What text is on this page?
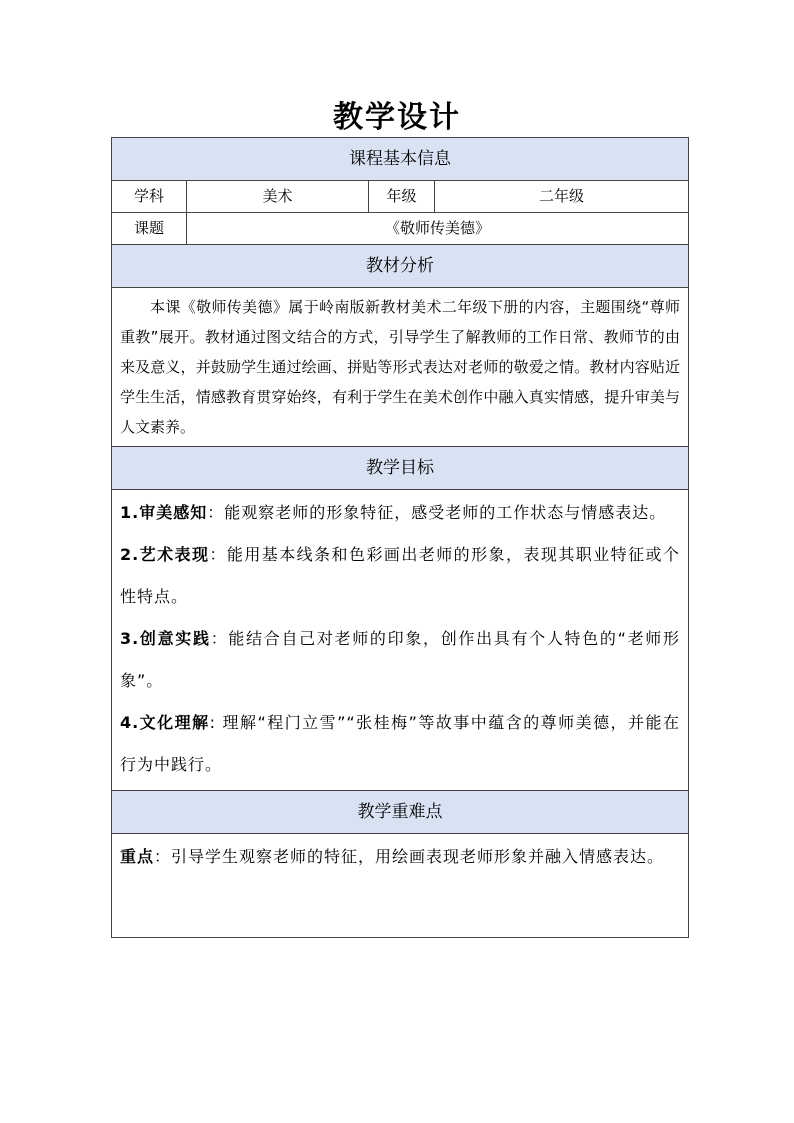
教学设计
课程基本信息			
学科	美术	年级	二年级
课题	《敬师传美德》		
教材分析			
本课《敬师传美德》属于岭南版新教材美术二年级下册的内容，主题围绕“尊师重教”展开。教材通过图文结合的方式，引导学生了解教师的工作日常、教师节的由来及意义，并鼓励学生通过绘画、拼贴等形式表达对老师的敬爱之情。教材内容贴近学生生活，情感教育贯穿始终，有利于学生在美术创作中融入真实情感，提升审美与人文素养。			
教学目标			

1.审美感知：能观察老师的形象特征，感受老师的工作状态与情感表达。
2.艺术表现：能用基本线条和色彩画出老师的形象，表现其职业特征或个性特点。
3.创意实践：能结合自己对老师的印象，创作出具有个人特色的“老师形象”。
4.文化理解: 理解“程门立雪”“张桂梅”等故事中蕴含的尊师美德，并能在行为中践行。			

教学重难点			

重点：引导学生观察老师的特征，用绘画表现老师形象并融入情感表达。			
